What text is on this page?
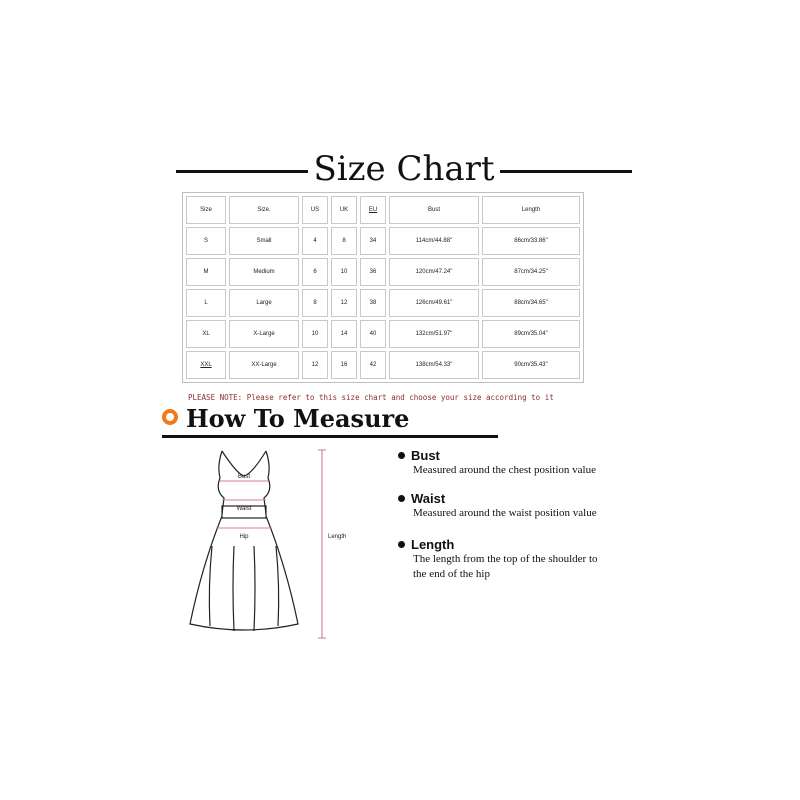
Size Chart
Size	Size.	US	UK	EU	Bust	Length
S	Small	4	8	34	114cm/44.88"	86cm/33.86"
M	Medium	6	10	36	120cm/47.24"	87cm/34.25"
L	Large	8	12	38	126cm/49.61"	88cm/34.65"
XL	X-Large	10	14	40	132cm/51.97"	89cm/35.04"
XXL	XX-Large	12	16	42	138cm/54.33"	90cm/35.43"
PLEASE NOTE: Please refer to this size chart and choose your size according to it
How To Measure
Bust
Waist
Hip	Length
Bust
Measured around the chest position value
Waist
Measured around the waist position value
Length
The length from the top of the shoulder to
the end of the hip
